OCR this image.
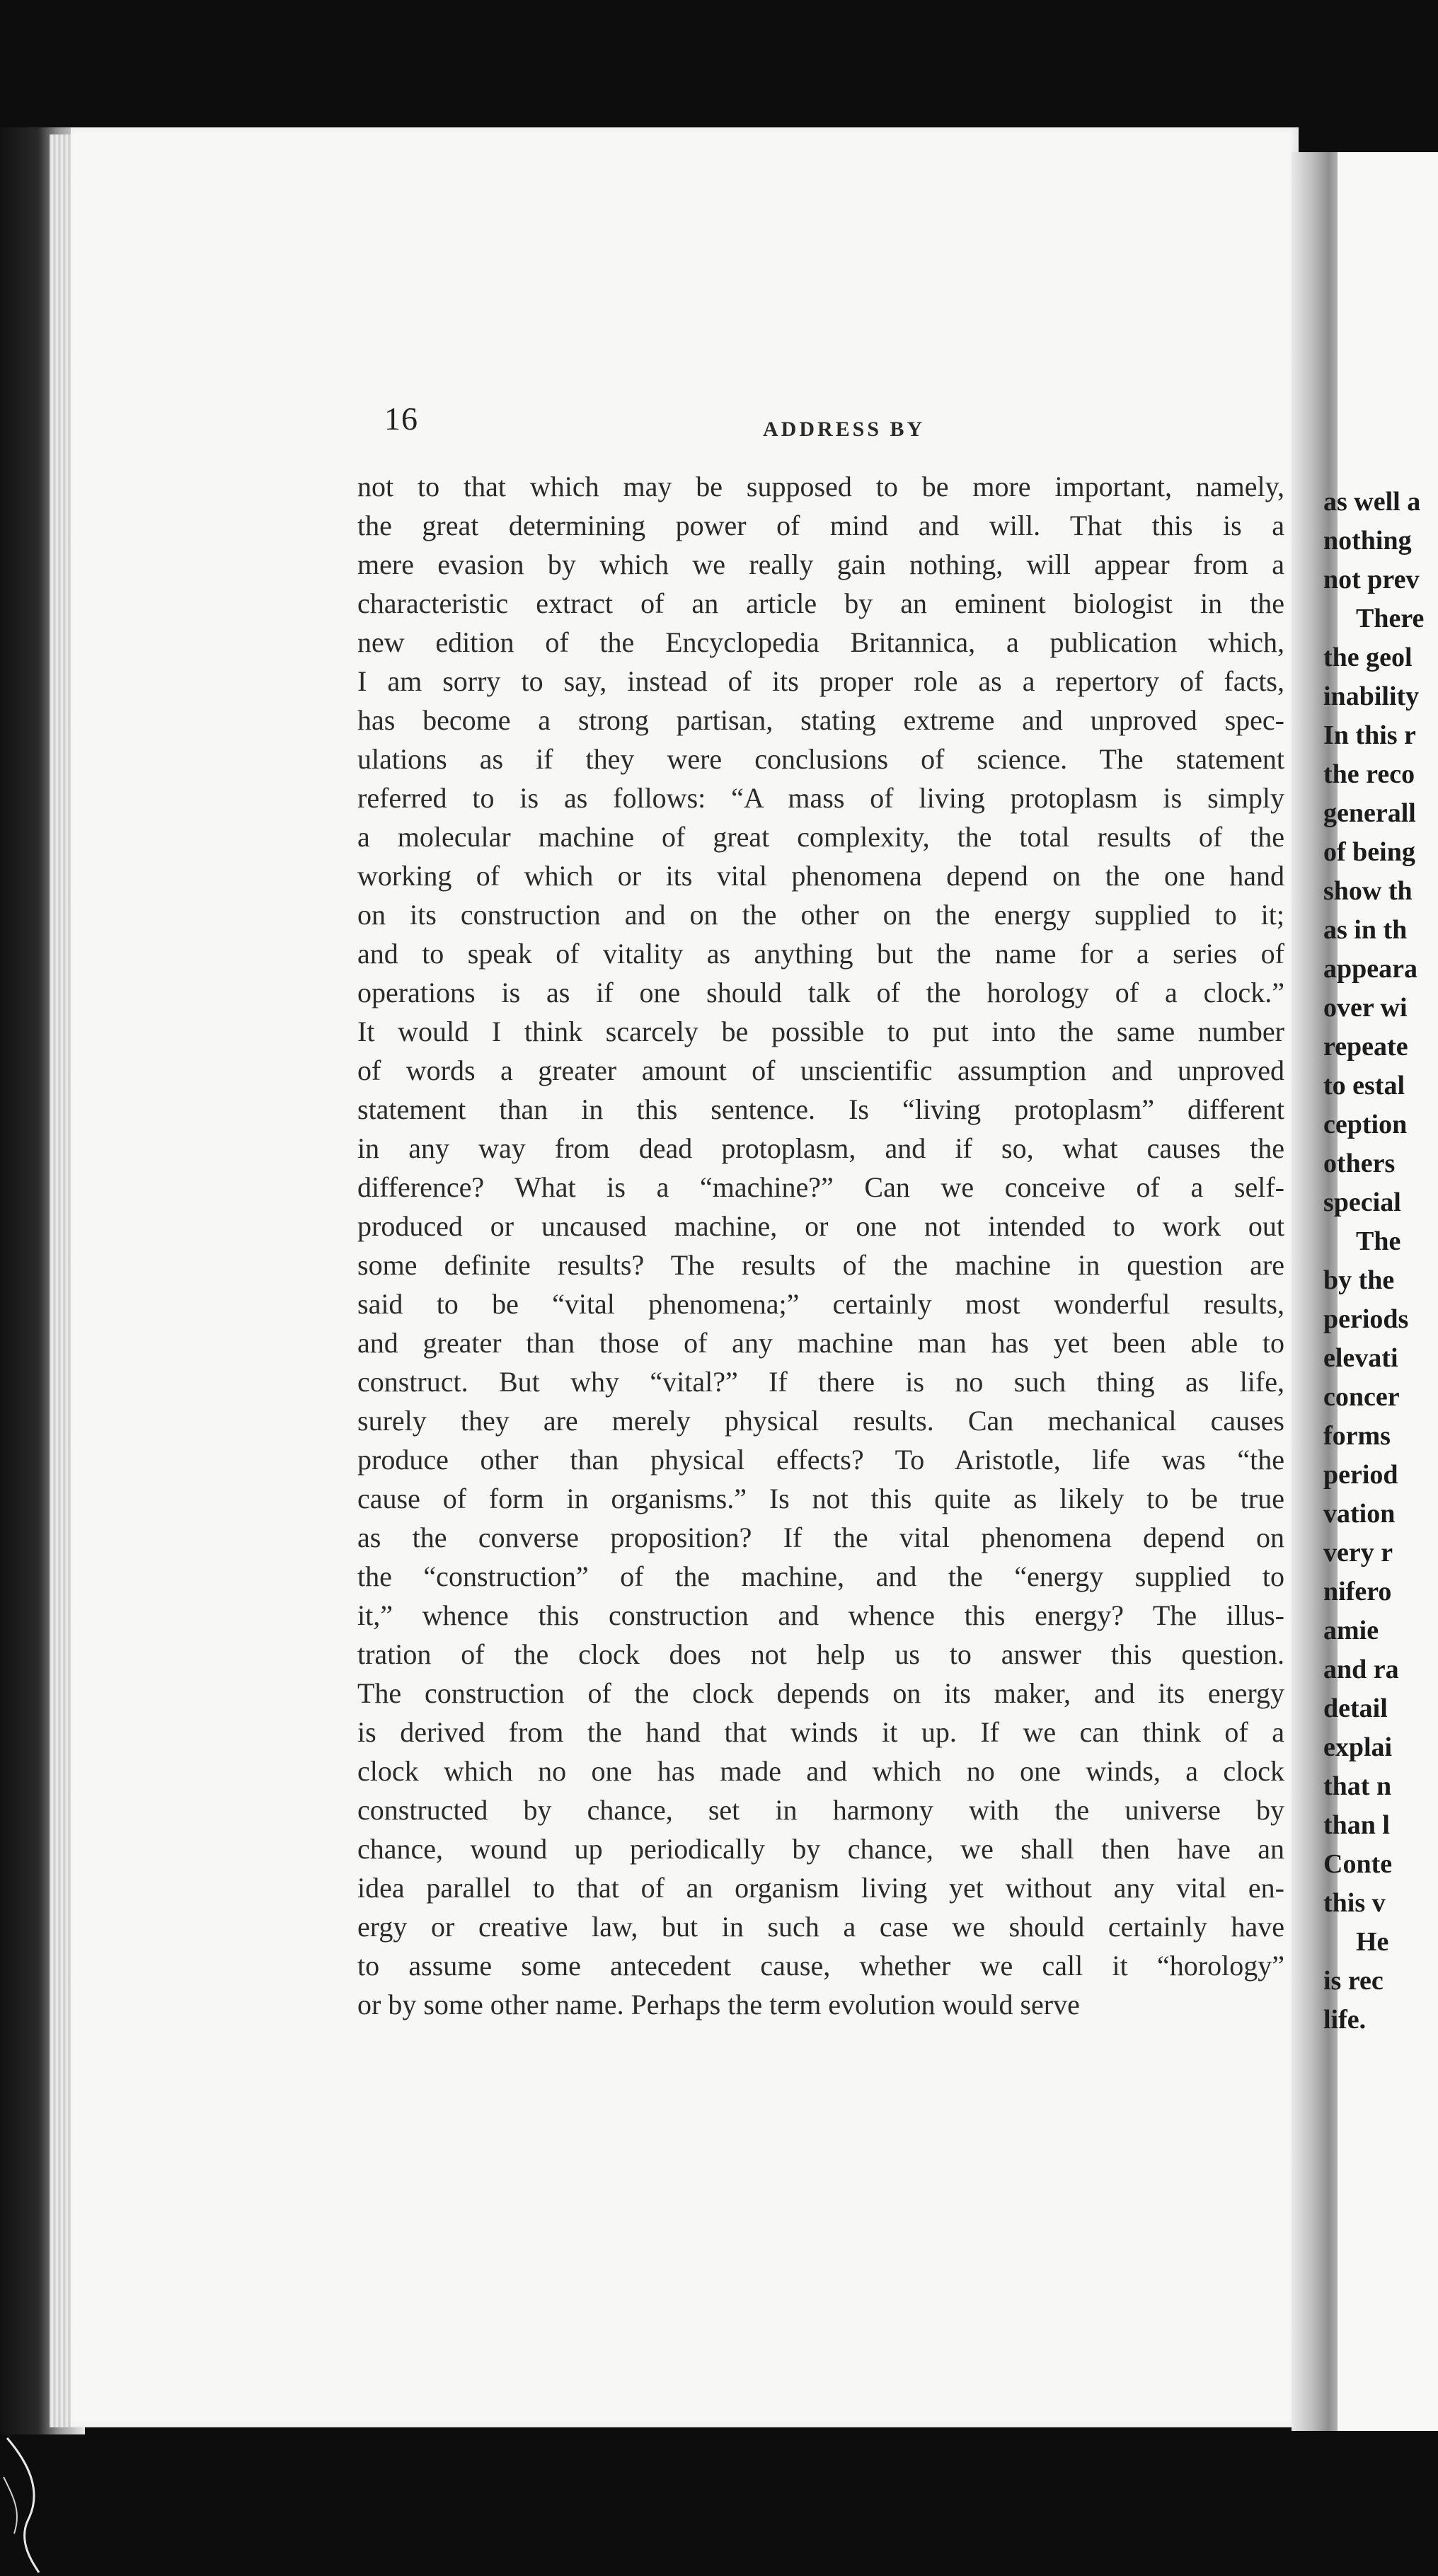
16	ADDRESS BY
not to that which may be supposed to be more important, namely,
the great determining power of mind and will. That this is a
mere evasion by which we really gain nothing, will appear from a
characteristic extract of an article by an eminent biologist in the
new edition of the Encyclopedia Britannica, a publication which,
I am sorry to say, instead of its proper role as a repertory of facts,
has become a strong partisan, stating extreme and unproved spec-
ulations as if they were conclusions of science. The statement
referred to is as follows: “A mass of living protoplasm is simply
a molecular machine of great complexity, the total results of the
working of which or its vital phenomena depend on the one hand
on its construction and on the other on the energy supplied to it;
and to speak of vitality as anything but the name for a series of
operations is as if one should talk of the horology of a clock.”
It would I think scarcely be possible to put into the same number
of words a greater amount of unscientific assumption and unproved
statement than in this sentence. Is “living protoplasm” different
in any way from dead protoplasm, and if so, what causes the
difference? What is a “machine?” Can we conceive of a self-
produced or uncaused machine, or one not intended to work out
some definite results? The results of the machine in question are
said to be “vital phenomena;” certainly most wonderful results,
and greater than those of any machine man has yet been able to
construct. But why “vital?” If there is no such thing as life,
surely they are merely physical results. Can mechanical causes
produce other than physical effects? To Aristotle, life was “the
cause of form in organisms.” Is not this quite as likely to be true
as the converse proposition? If the vital phenomena depend on
the “construction” of the machine, and the “energy supplied to
it,” whence this construction and whence this energy? The illus-
tration of the clock does not help us to answer this question.
The construction of the clock depends on its maker, and its energy
is derived from the hand that winds it up. If we can think of a
clock which no one has made and which no one winds, a clock
constructed by chance, set in harmony with the universe by
chance, wound up periodically by chance, we shall then have an
idea parallel to that of an organism living yet without any vital en-
ergy or creative law, but in such a case we should certainly have
to assume some antecedent cause, whether we call it “horology”
or by some other name. Perhaps the term evolution would serve
as well a
nothing
not prev
There
the geol
inability
In this r
the reco
generall
of being
show th
as in th
appeara
over wi
repeate
to estal
ception
others
special
The
by the
periods
elevati
concer
forms
period
vation
very r
nifero
amie
and ra
detail
explai
that n
than l
Conte
this v
He
is rec
life.
